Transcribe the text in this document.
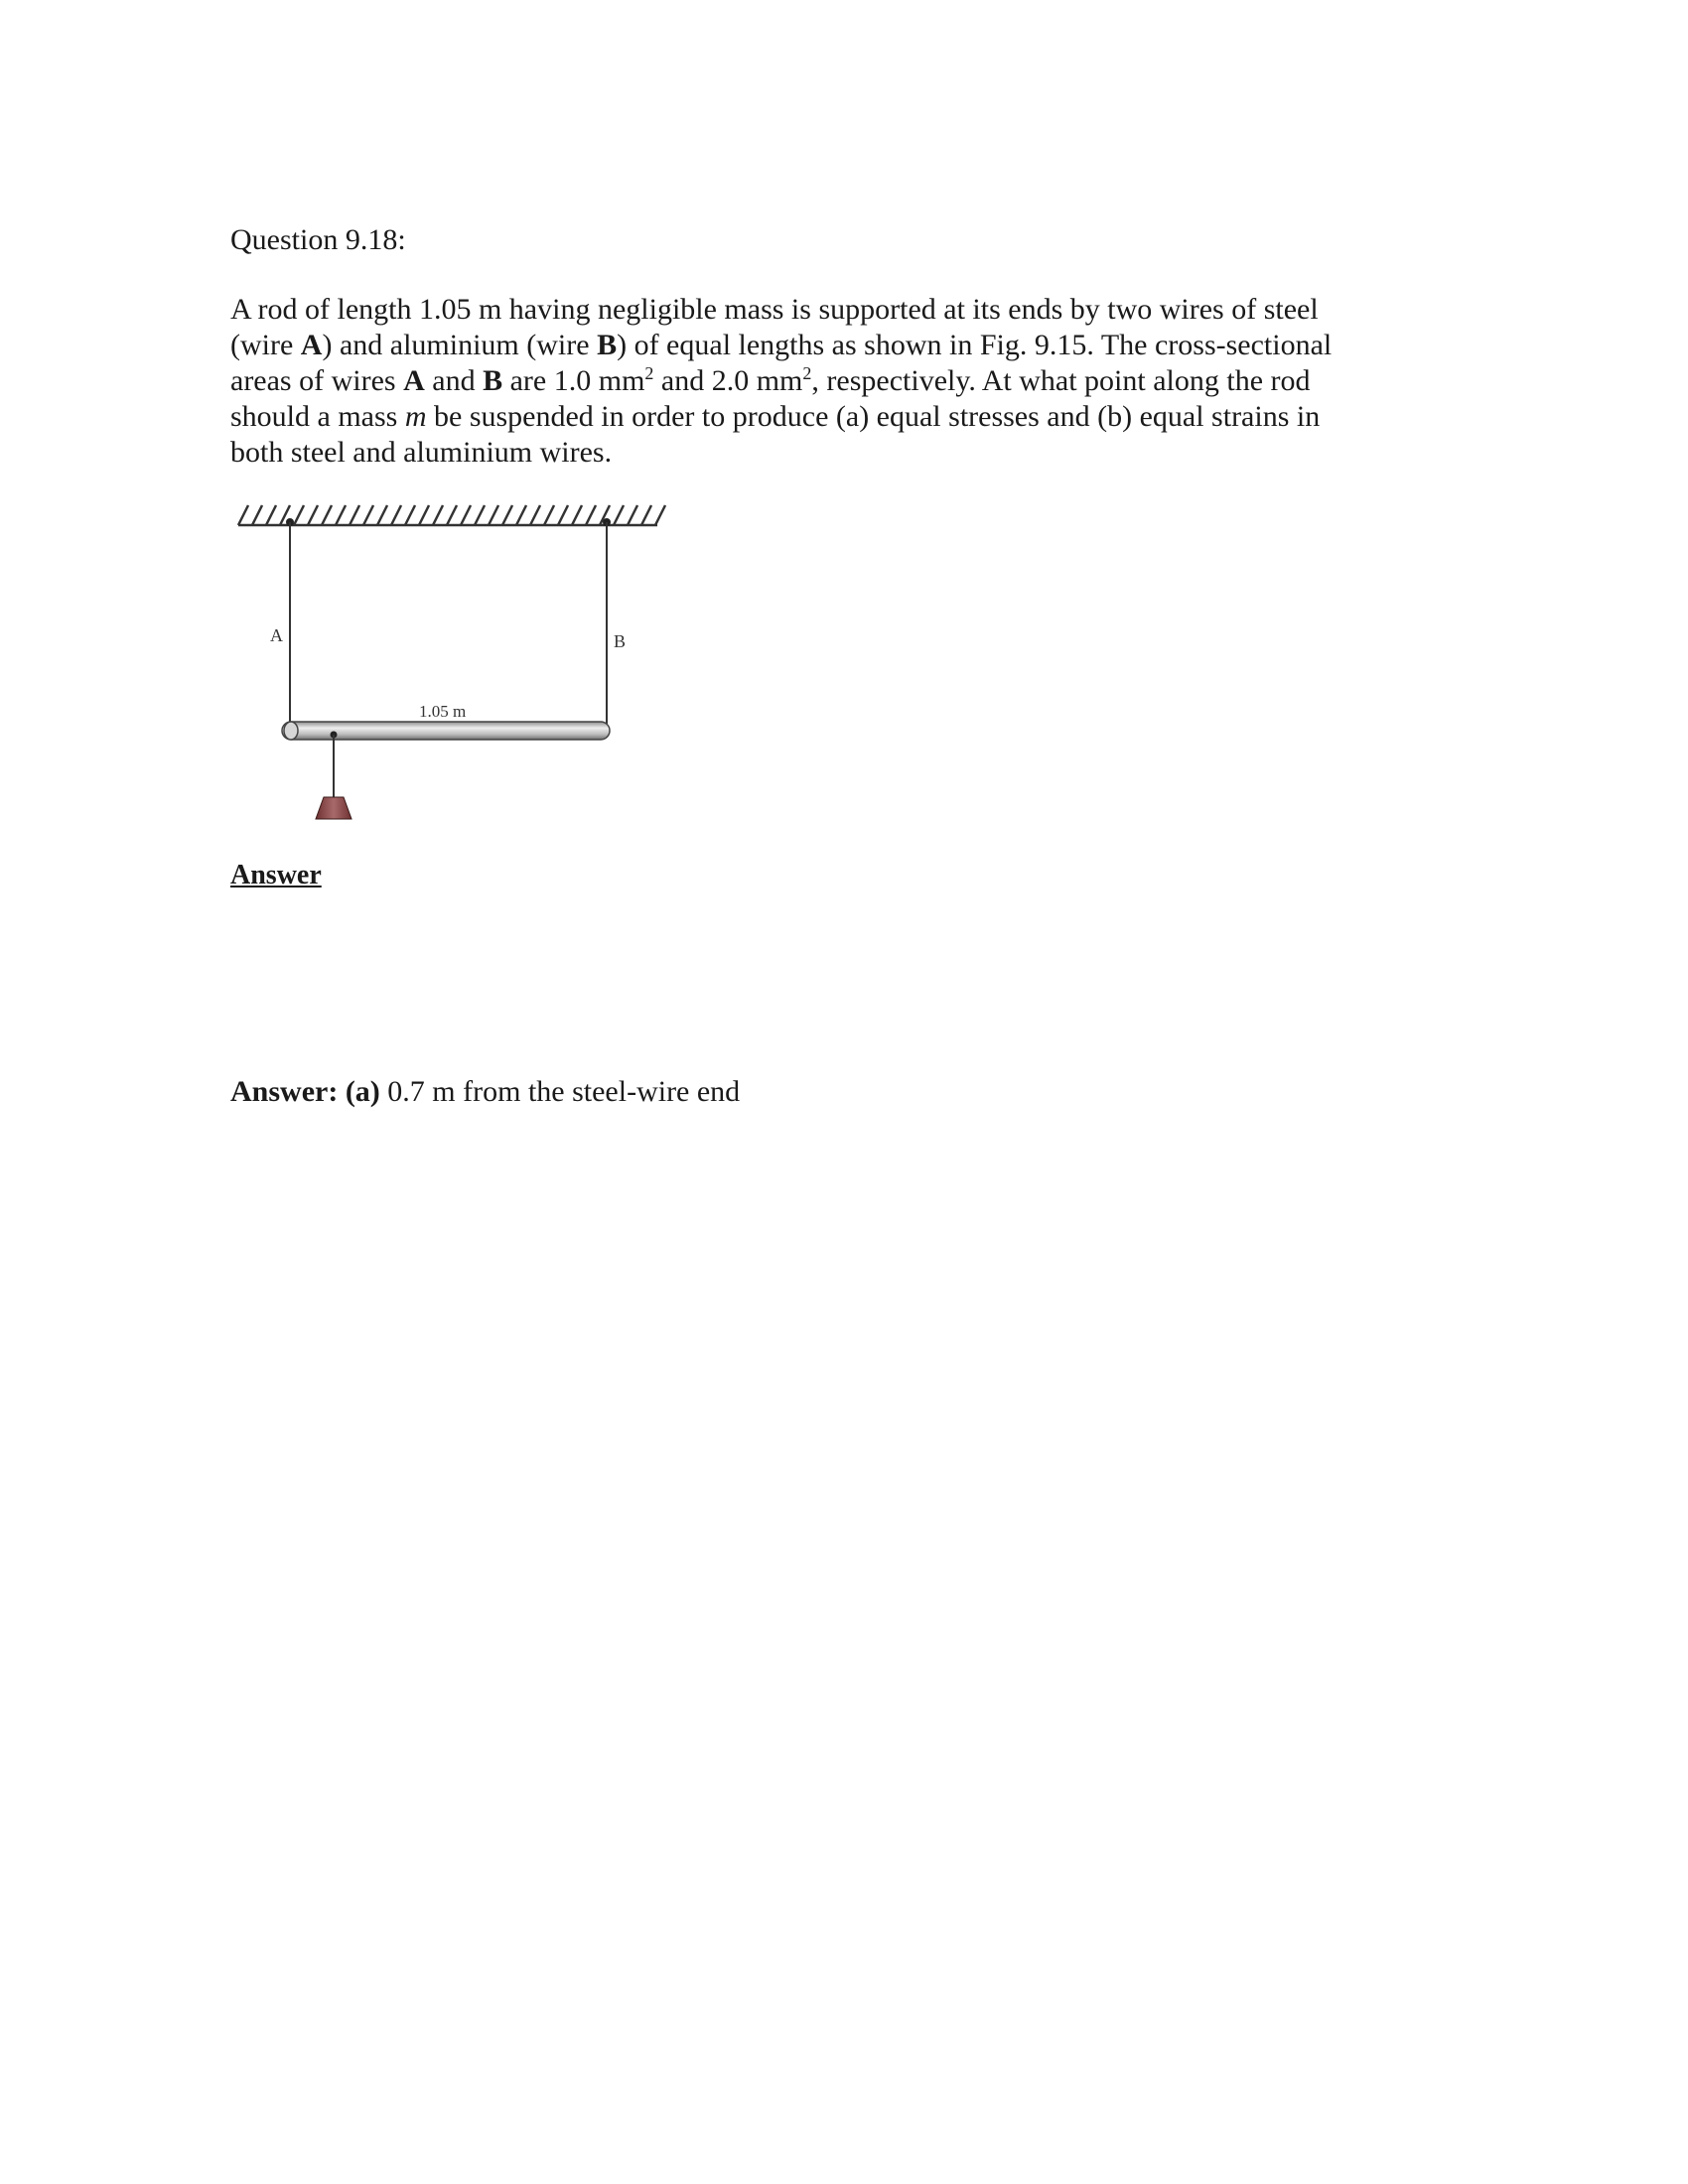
Question 9.18:
A rod of length 1.05 m having negligible mass is supported at its ends by two wires of steel (wire A) and aluminium (wire B) of equal lengths as shown in Fig. 9.15. The cross-sectional areas of wires A and B are 1.0 $mm^2$ and 2.0 $mm^2$, respectively. At what point along the rod should a mass m be suspended in order to produce (a) equal stresses and (b) equal strains in both steel and aluminium wires.
A	B
1.05 m
Answer
Answer: (a) 0.7 m from the steel-wire end
